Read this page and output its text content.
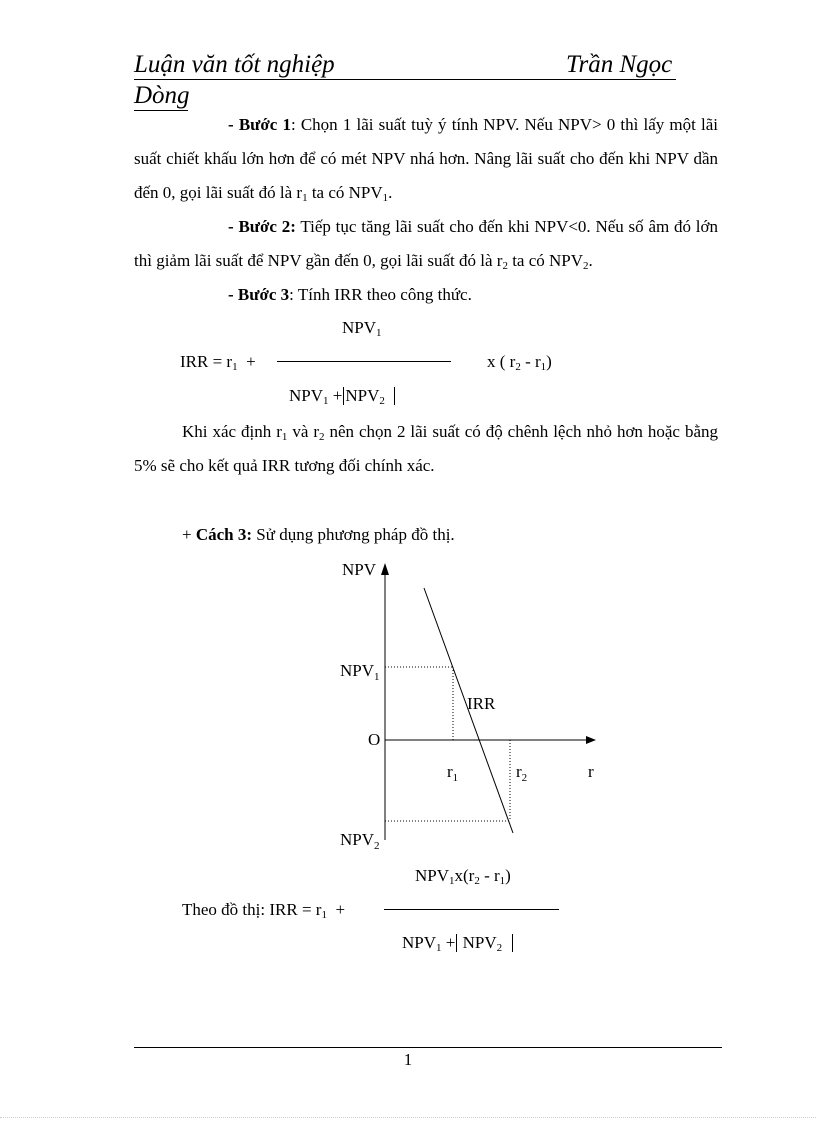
Luận văn tốt nghiệp	Trần Ngọc
Dòng
- Bước 1: Chọn 1 lãi suất tuỳ ý tính NPV. Nếu NPV> 0 thì lấy một lãi suất chiết khấu lớn hơn để có mét NPV nhá hơn. Nâng lãi suất cho đến khi NPV dần đến 0, gọi lãi suất đó là $r_1$ ta có $NPV_1$.
- Bước 2: Tiếp tục tăng lãi suất cho đến khi NPV<0. Nếu số âm đó lớn thì giảm lãi suất để NPV gần đến 0, gọi lãi suất đó là $r_2$ ta có $NPV_2$.
- Bước 3: Tính IRR theo công thức.
$NPV_1$
IRR = $r_1$ +	x ( $r_2 - r_1$)
$NPV_1 + NPV_2$
Khi xác định $r_1$ và $r_2$ nên chọn 2 lãi suất có độ chênh lệch nhỏ hơn hoặc bằng 5% sẽ cho kết quả IRR tương đối chính xác.
+ Cách 3: Sử dụng phương pháp đồ thị.
NPV
$NPV_1$
IRR
O
$r_1$	$r_2$	r
$NPV_2$
$NPV_1x(r_2 - r_1)$
Theo đồ thị: IRR = $r_1$ +
$NPV_1 + NPV_2$
1
